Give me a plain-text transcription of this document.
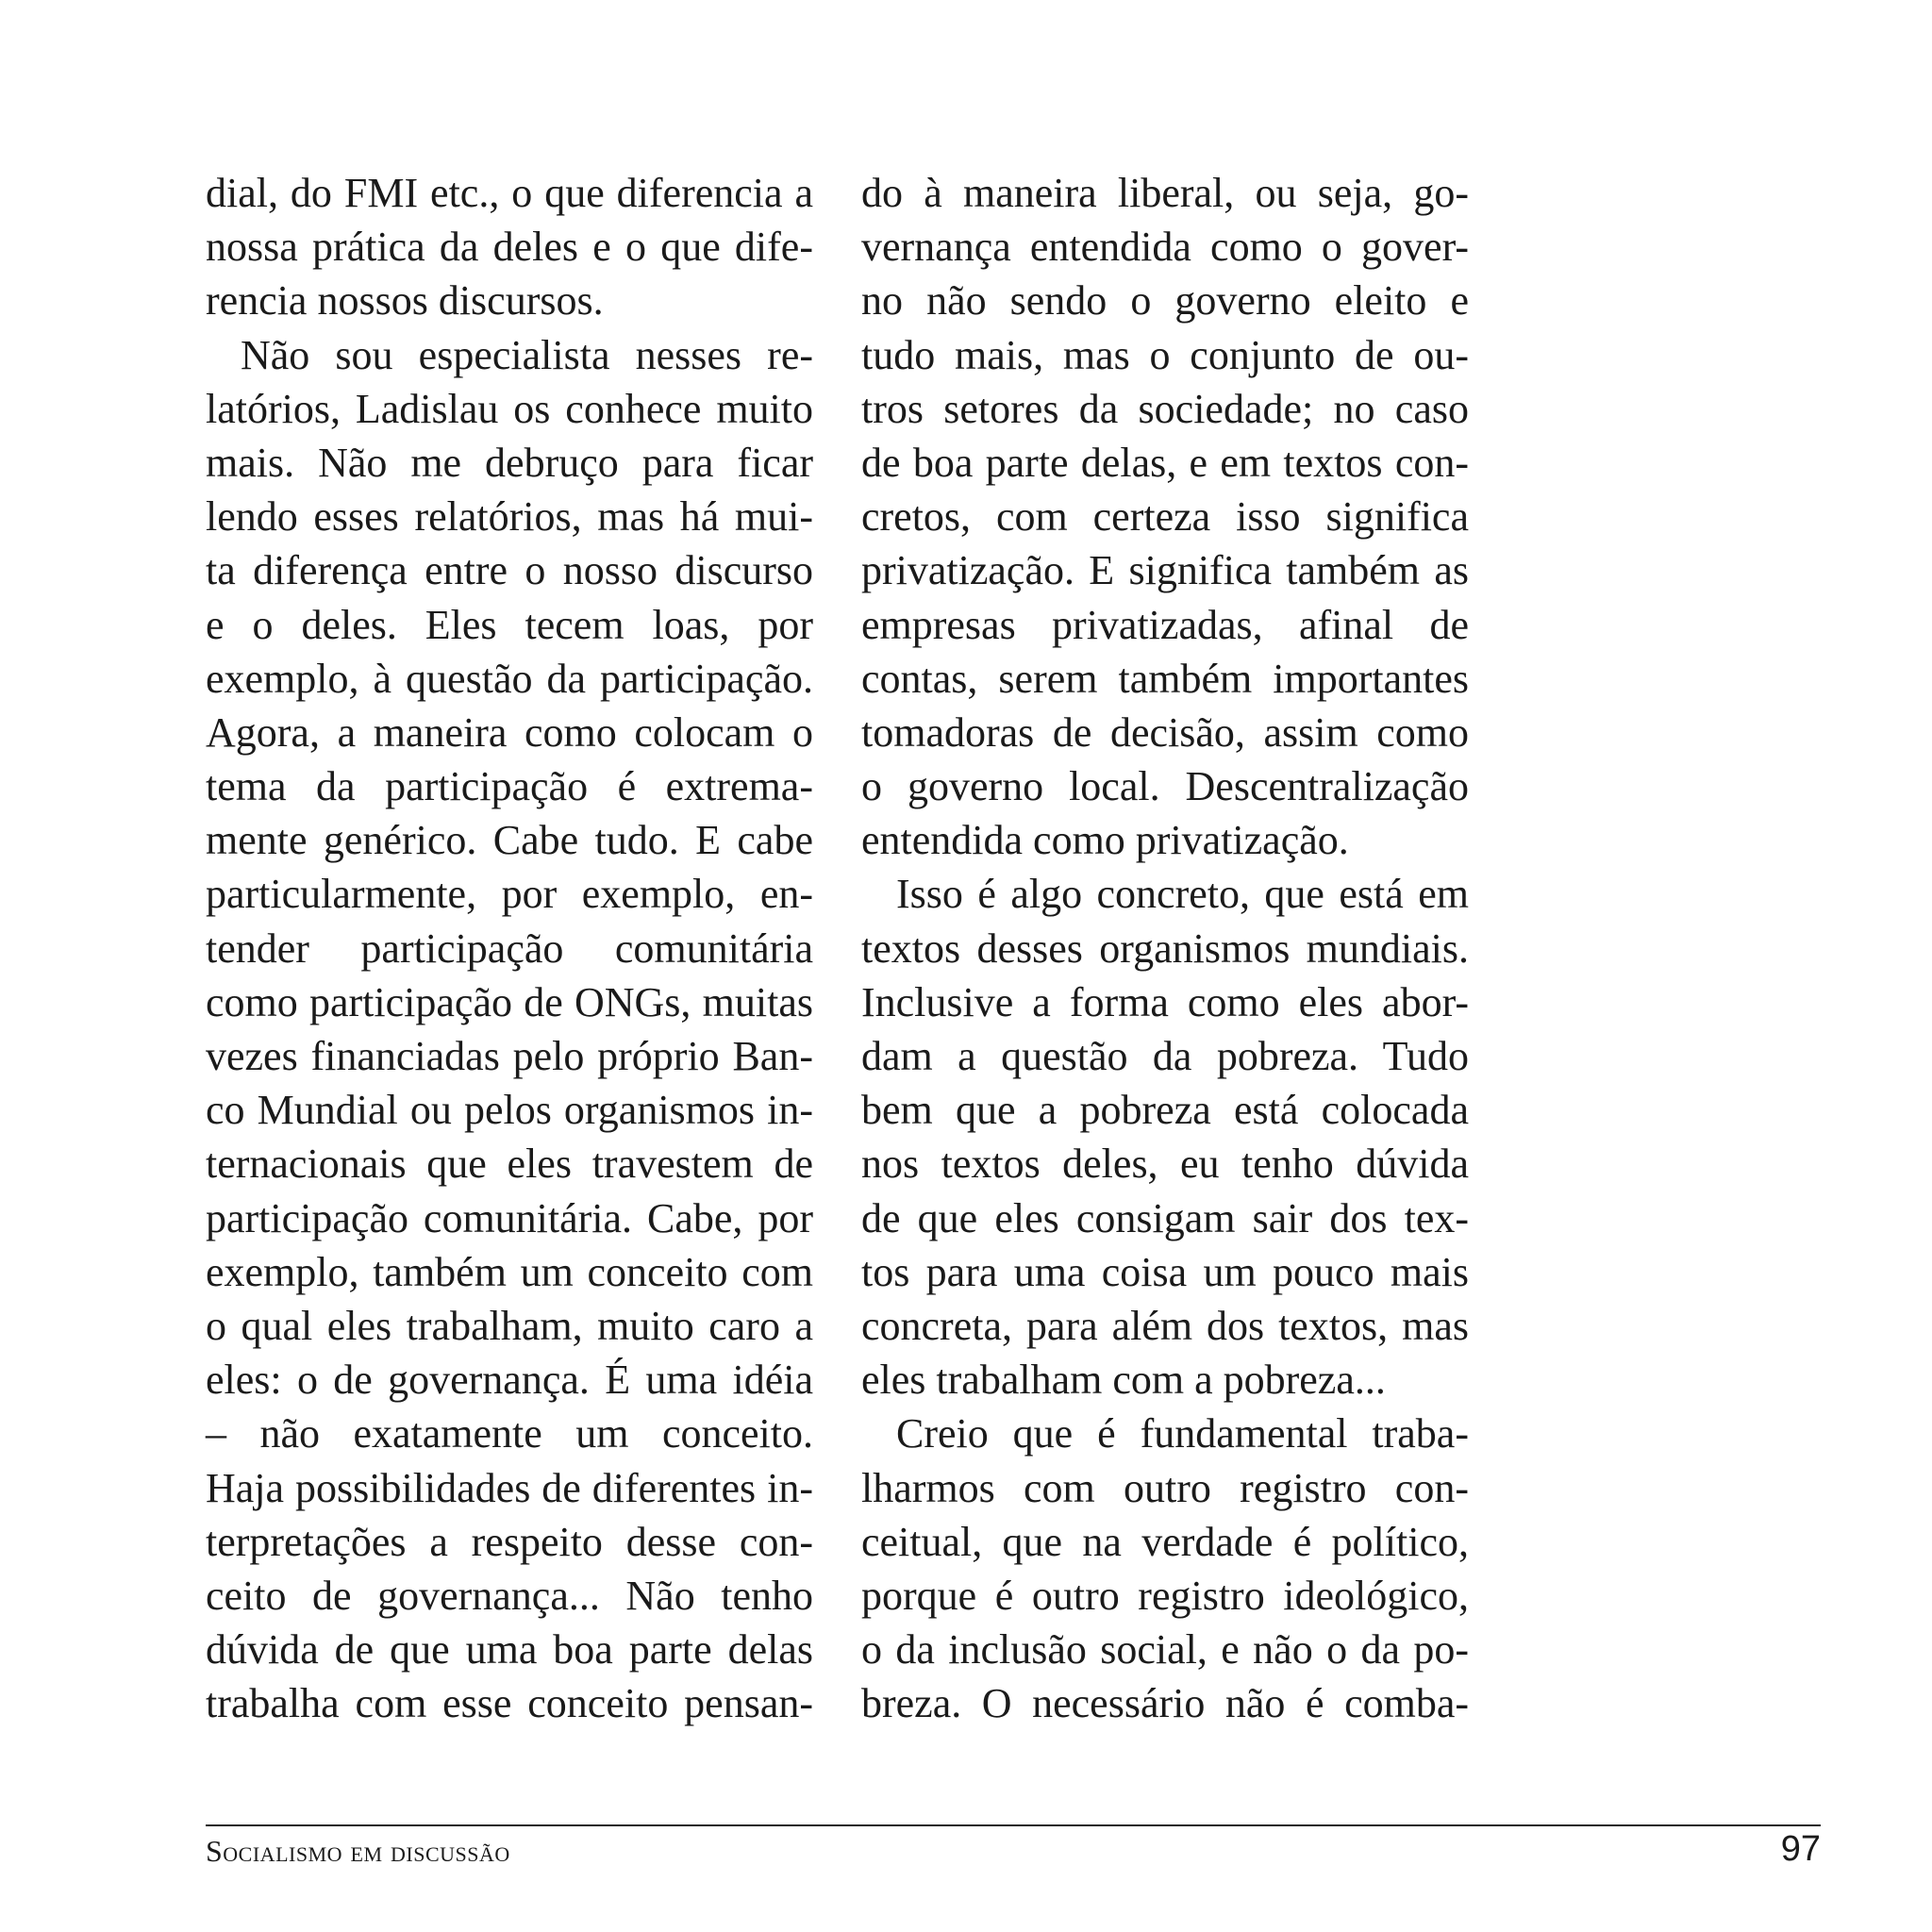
dial, do FMI etc., o que diferencia a
nossa prática da deles e o que dife-
rencia nossos discursos.
Não sou especialista nesses re-
latórios, Ladislau os conhece muito
mais. Não me debruço para ficar
lendo esses relatórios, mas há mui-
ta diferença entre o nosso discurso
e o deles. Eles tecem loas, por
exemplo, à questão da participação.
Agora, a maneira como colocam o
tema da participação é extrema-
mente genérico. Cabe tudo. E cabe
particularmente, por exemplo, en-
tender participação comunitária
como participação de ONGs, muitas
vezes financiadas pelo próprio Ban-
co Mundial ou pelos organismos in-
ternacionais que eles travestem de
participação comunitária. Cabe, por
exemplo, também um conceito com
o qual eles trabalham, muito caro a
eles: o de governança. É uma idéia
– não exatamente um conceito.
Haja possibilidades de diferentes in-
terpretações a respeito desse con-
ceito de governança... Não tenho
dúvida de que uma boa parte delas
trabalha com esse conceito pensan-
do à maneira liberal, ou seja, go-
vernança entendida como o gover-
no não sendo o governo eleito e
tudo mais, mas o conjunto de ou-
tros setores da sociedade; no caso
de boa parte delas, e em textos con-
cretos, com certeza isso significa
privatização. E significa também as
empresas privatizadas, afinal de
contas, serem também importantes
tomadoras de decisão, assim como
o governo local. Descentralização
entendida como privatização.
Isso é algo concreto, que está em
textos desses organismos mundiais.
Inclusive a forma como eles abor-
dam a questão da pobreza. Tudo
bem que a pobreza está colocada
nos textos deles, eu tenho dúvida
de que eles consigam sair dos tex-
tos para uma coisa um pouco mais
concreta, para além dos textos, mas
eles trabalham com a pobreza...
Creio que é fundamental traba-
lharmos com outro registro con-
ceitual, que na verdade é político,
porque é outro registro ideológico,
o da inclusão social, e não o da po-
breza. O necessário não é comba-
Socialismo em discussão	97
